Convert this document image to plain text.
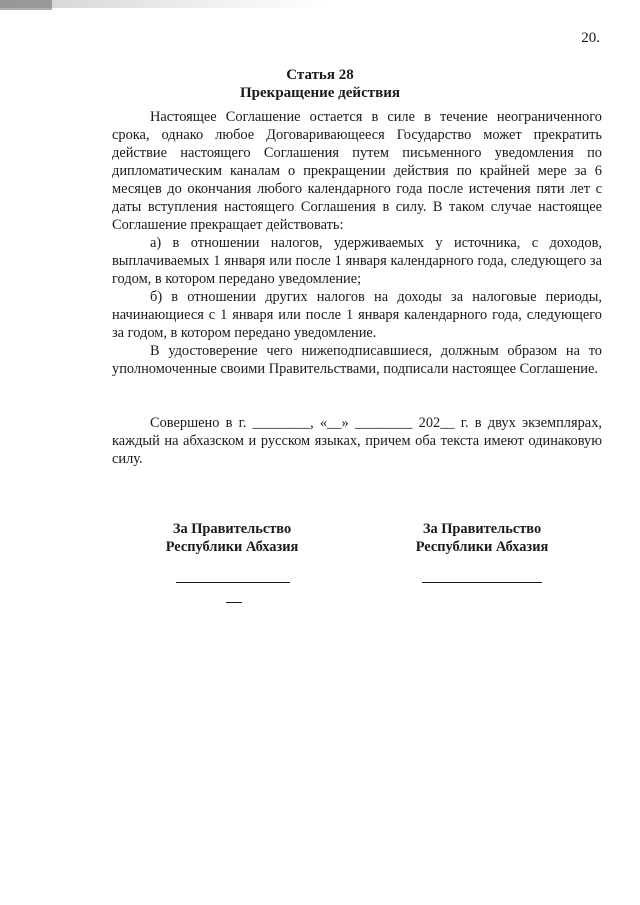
20.
Статья 28
Прекращение действия

Настоящее Соглашение остается в силе в течение неограниченного срока, однако любое Договаривающееся Государство может прекратить действие настоящего Соглашения путем письменного уведомления по дипломатическим каналам о прекращении действия по крайней мере за 6 месяцев до окончания любого календарного года после истечения пяти лет с даты вступления настоящего Соглашения в силу. В таком случае настоящее Соглашение прекращает действовать:

а) в отношении налогов, удерживаемых у источника, с доходов, выплачиваемых 1 января или после 1 января календарного года, следующего за годом, в котором передано уведомление;

б) в отношении других налогов на доходы за налоговые периоды, начинающиеся с 1 января или после 1 января календарного года, следующего за годом, в котором передано уведомление.

В удостоверение чего нижеподписавшиеся, должным образом на то уполномоченные своими Правительствами, подписали настоящее Соглашение.

Совершено в г. ________, «__» ________ 202__ г. в двух экземплярах, каждый на абхазском и русском языках, причем оба текста имеют одинаковую силу.

За Правительство
Республики Абхазия
За Правительство
Республики Абхазия
